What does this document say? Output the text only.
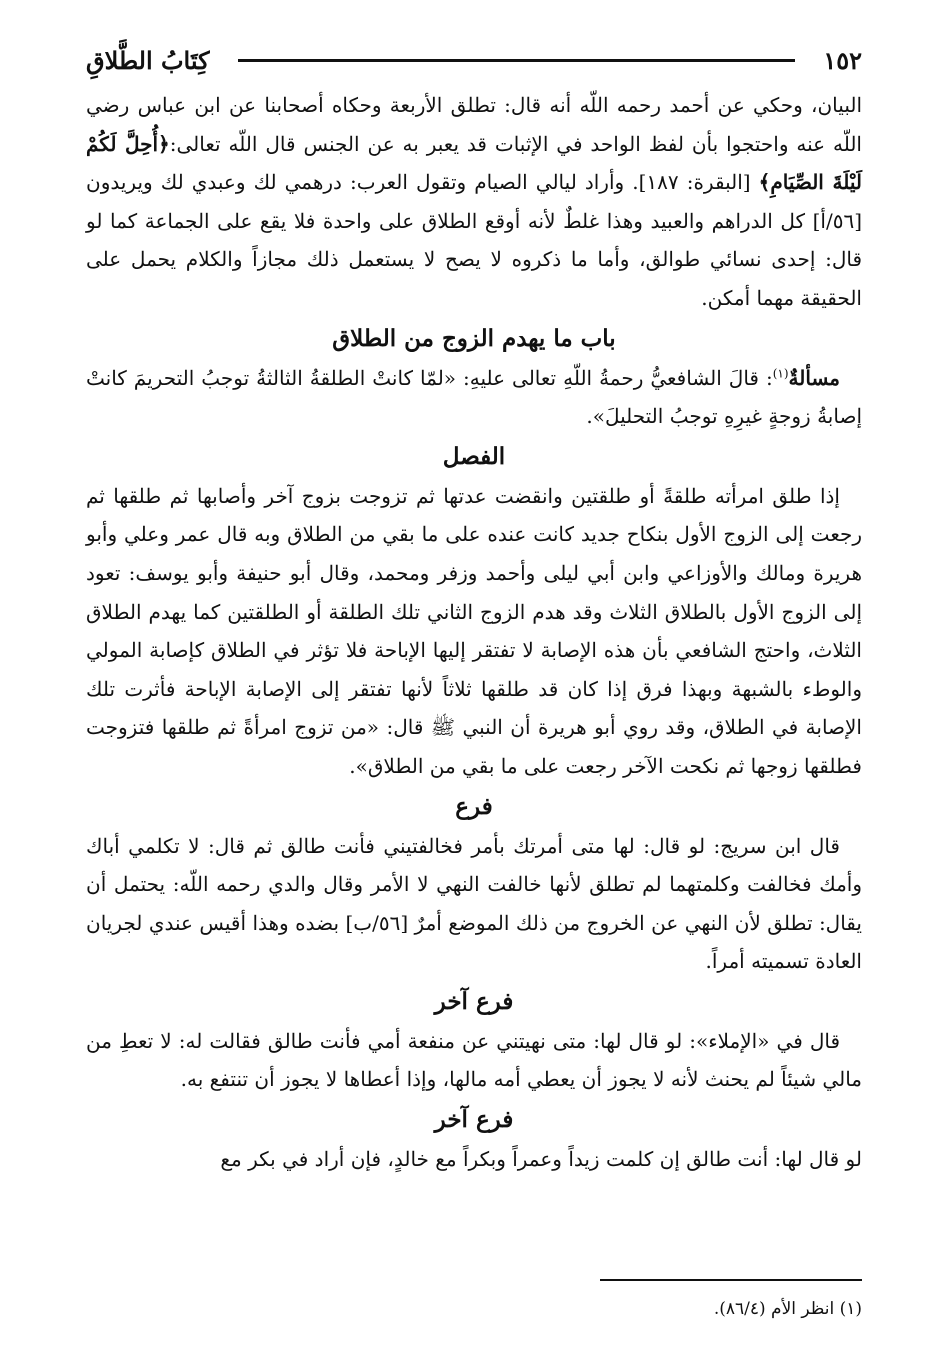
١٥٢
كِتَابُ الطَّلاقِ

البيان، وحكي عن أحمد رحمه اللّه أنه قال: تطلق الأربعة وحكاه أصحابنا عن ابن عباس رضي اللّه عنه واحتجوا بأن لفظ الواحد في الإثبات قد يعبر به عن الجنس قال اللّه تعالى:﴿أُحِلَّ لَكُمْ لَيْلَةَ الصِّيَامِ﴾ [البقرة: ١٨٧]. وأراد لیالي الصيام وتقول العرب: درهمي لك وعبدي لك ويريدون [٥٦/أ] كل الدراهم والعبيد وهذا غلطٌ لأنه أوقع الطلاق على واحدة فلا يقع على الجماعة كما لو قال: إحدى نسائي طوالق، وأما ما ذكروه لا يصح لا يستعمل ذلك مجازاً والكلام يحمل على الحقيقة مهما أمكن.

باب ما يهدم الزوج من الطلاق

مسألةٌ$^{(١)}$: قالَ الشافعيُّ رحمةُ اللّهِ تعالى عليهِ: «لمّا كانتْ الطلقةُ الثالثةُ توجبُ التحريمَ كانتْ إصابةُ زوجةٍ غيرِهِ توجبُ التحليلَ».

الفصل

إذا طلق امرأته طلقةً أو طلقتين وانقضت عدتها ثم تزوجت بزوج آخر وأصابها ثم طلقها ثم رجعت إلى الزوج الأول بنكاح جديد كانت عنده على ما بقي من الطلاق وبه قال عمر وعلي وأبو هريرة ومالك والأوزاعي وابن أبي ليلى وأحمد وزفر ومحمد، وقال أبو حنيفة وأبو يوسف: تعود إلى الزوج الأول بالطلاق الثلاث وقد هدم الزوج الثاني تلك الطلقة أو الطلقتين كما يهدم الطلاق الثلاث، واحتج الشافعي بأن هذه الإصابة لا تفتقر إليها الإباحة فلا تؤثر في الطلاق كإصابة المولي والوطء بالشبهة وبهذا فرق إذا كان قد طلقها ثلاثاً لأنها تفتقر إلى الإصابة الإباحة فأثرت تلك الإصابة في الطلاق، وقد روي أبو هريرة أن النبي ﷺ قال: «من تزوج امرأةً ثم طلقها فتزوجت فطلقها زوجها ثم نكحت الآخر رجعت على ما بقي من الطلاق».

فرع

قال ابن سريج: لو قال: لها متى أمرتك بأمر فخالفتيني فأنت طالق ثم قال: لا تكلمي أباك وأمك فخالفت وكلمتهما لم تطلق لأنها خالفت النهي لا الأمر وقال والدي رحمه اللّه: يحتمل أن يقال: تطلق لأن النهي عن الخروج من ذلك الموضع أمرٌ [٥٦/ب] بضده وهذا أقيس عندي لجريان العادة تسميته أمراً.

فرع آخر

قال في «الإملاء»: لو قال لها: متى نهيتني عن منفعة أمي فأنت طالق فقالت له: لا تعطِ من مالي شيئاً لم يحنث لأنه لا يجوز أن يعطي أمه مالها، وإذا أعطاها لا يجوز أن تنتفع به.

فرع آخر

لو قال لها: أنت طالق إن كلمت زيداً وعمراً وبكراً مع خالدٍ، فإن أراد في بكر مع

(١) انظر الأم (٨٦/٤).
